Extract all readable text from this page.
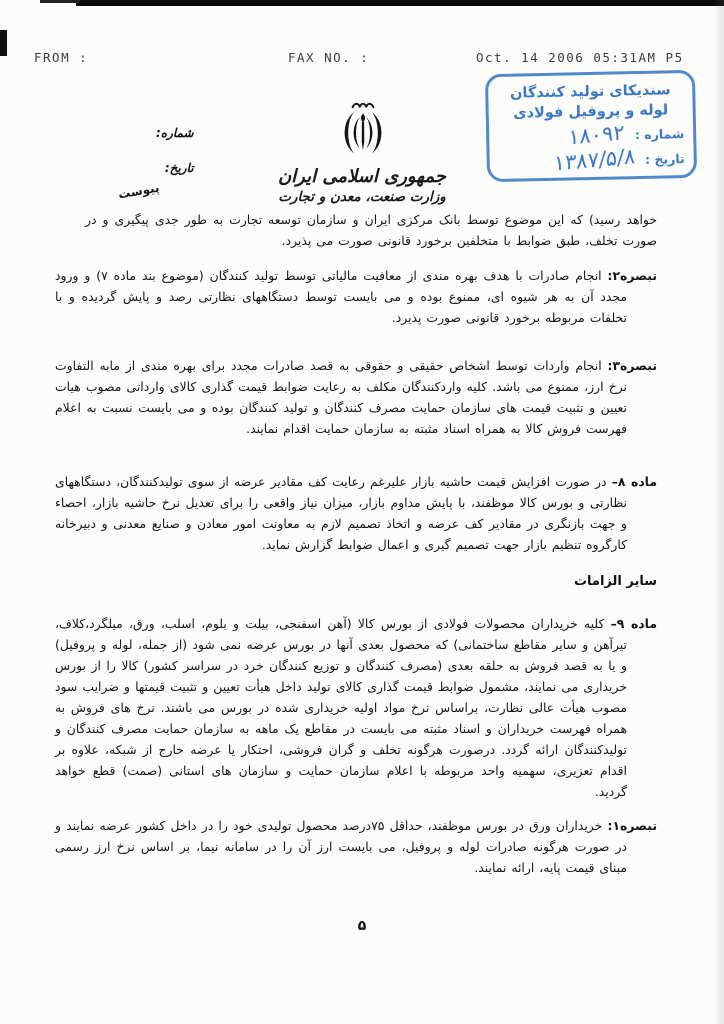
FROM :	FAX NO. :	Oct. 14 2006 05:31AM P5
سندیکای تولید کنندگان
لوله و پروفیل فولادی
شماره :
۱۸۰۹۲
تاریخ :
۱۳۸۷/۵/۸
جمهوری اسلامی ایران
وزارت صنعت، معدن و تجارت
شماره:
تاریخ:
پیوست

خواهد رسید) که این موضوع توسط بانک مرکزی ایران و سازمان توسعه تجارت به طور جدی پیگیری و در صورت تخلف، طبق ضوابط با متخلفین برخورد قانونی صورت می پذیرد.

تبصره۲: انجام صادرات با هدف بهره مندی از معافیت مالیاتی توسط تولید کنندگان (موضوع بند ماده ۷) و ورود مجدد آن به هر شیوه ای، ممنوع بوده و می بایست توسط دستگاههای نظارتی رصد و پایش گردیده و با تخلفات مربوطه برخورد قانونی صورت پذیرد.

تبصره۳: انجام واردات توسط اشخاص حقیقی و حقوقی به قصد صادرات مجدد برای بهره مندی از مابه التفاوت نرخ ارز، ممنوع می باشد. کلیه واردکنندگان مکلف به رعایت ضوابط قیمت گذاری کالای وارداتی مصوب هیات تعیین و تثبیت قیمت های سازمان حمایت مصرف کنندگان و تولید کنندگان بوده و می بایست نسبت به اعلام فهرست فروش کالا به همراه اسناد مثبته به سازمان حمایت اقدام نمایند.

ماده ۸– در صورت افزایش قیمت حاشیه بازار علیرغم رعایت کف مقادیر عرضه از سوی تولیدکنندگان، دستگاههای نظارتی و بورس کالا موظفند، با پایش مداوم بازار، میزان نیاز واقعی را برای تعدیل نرخ حاشیه بازار، احصاء و جهت بازنگری در مقادیر کف عرضه و اتخاذ تصمیم لازم به معاونت امور معادن و صنایع معدنی و دبیرخانه کارگروه تنظیم بازار جهت تصمیم گیری و اعمال ضوابط گزارش نماید.

سایر الزامات

ماده ۹– کلیه خریداران محصولات فولادی از بورس کالا (آهن اسفنجی، بیلت و بلوم، اسلب، ورق، میلگرد،کلاف، تیرآهن و سایر مقاطع ساختمانی) که محصول بعدی آنها در بورس عرضه نمی شود (از جمله، لوله و پروفیل) و یا به قصد فروش به حلقه بعدی (مصرف کنندگان و توزیع کنندگان خرد در سراسر کشور) کالا را از بورس خریداری می نمایند، مشمول ضوابط قیمت گذاری کالای تولید داخل هیأت تعیین و تثبیت قیمتها و ضرایب سود مصوب هیأت عالی نظارت، براساس نرخ مواد اولیه خریداری شده در بورس می باشند. نرخ های فروش به همراه فهرست خریداران و اسناد مثبته می بایست در مقاطع یک ماهه به سازمان حمایت مصرف کنندگان و تولیدکنندگان ارائه گردد. درصورت هرگونه تخلف و گران فروشی، احتکار یا عرضه خارج از شبکه، علاوه بر اقدام تعزیری، سهمیه واحد مربوطه با اعلام سازمان حمایت و سازمان های استانی (صمت) قطع خواهد گردید.

تبصره۱: خریداران ورق در بورس موظفند، حداقل ۷۵درصد محصول تولیدی خود را در داخل کشور عرضه نمایند و در صورت هرگونه صادرات لوله و پروفیل، می بایست ارز آن را در سامانه نیما، بر اساس نرخ ارز رسمی مبنای قیمت پایه، ارائه نمایند.

۵
